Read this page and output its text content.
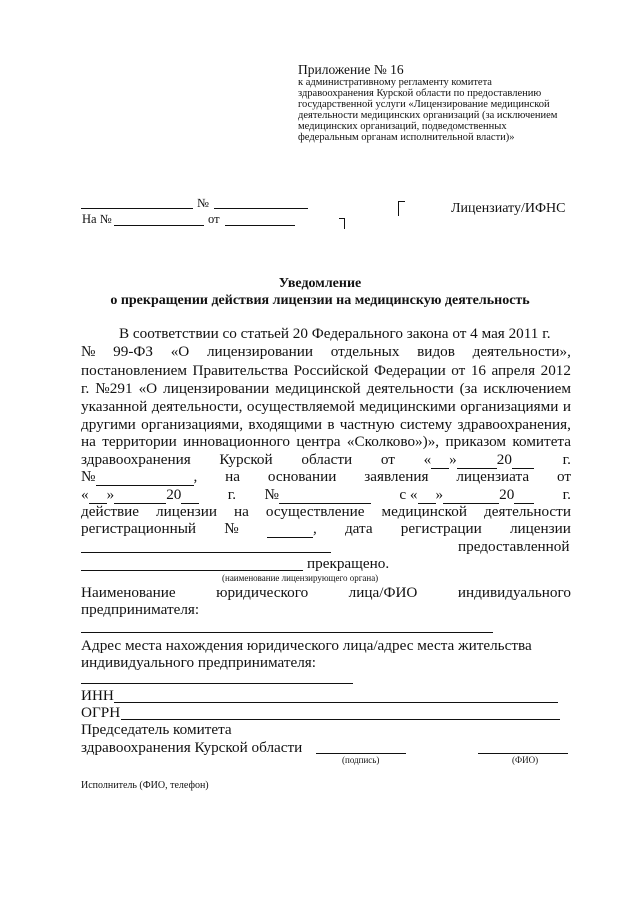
Приложение № 16
к административному регламенту комитета
здравоохранения Курской области по предоставлению
государственной услуги «Лицензирование медицинской
деятельности медицинских организаций (за исключением
медицинских организаций, подведомственных
федеральным органам исполнительной власти)»
№
На №	от
Лицензиату/ИФНС
Уведомление
о прекращении действия лицензии на медицинскую деятельность
В соответствии со статьей 20 Федерального закона от 4 мая 2011 г.
№ 99-ФЗ «О лицензировании отдельных видов деятельности»,
постановлением Правительства Российской Федерации от 16 апреля 2012
г. №291 «О лицензировании медицинской деятельности (за исключением
указанной деятельности, осуществляемой медицинскими организациями и
другими организациями, входящими в частную систему здравоохранения,
на территории инновационного центра «Сколково»)», приказом комитета
здравоохранения Курской области от « »	20	г.
№	, на основании заявления лицензиата от
« »	20	г. №	с « »	20	г.
действие лицензии на осуществление медицинской деятельности
регистрационный №	, дата регистрации лицензии
предоставленной
прекращено.
(наименование лицензирующего органа)
Наименование	юридического	лица/ФИО	индивидуального
предпринимателя:
Адрес места нахождения юридического лица/адрес места жительства
индивидуального предпринимателя:
ИНН
ОГРН
Председатель комитета
здравоохранения Курской области
(подпись)	(ФИО)
Исполнитель (ФИО, телефон)
